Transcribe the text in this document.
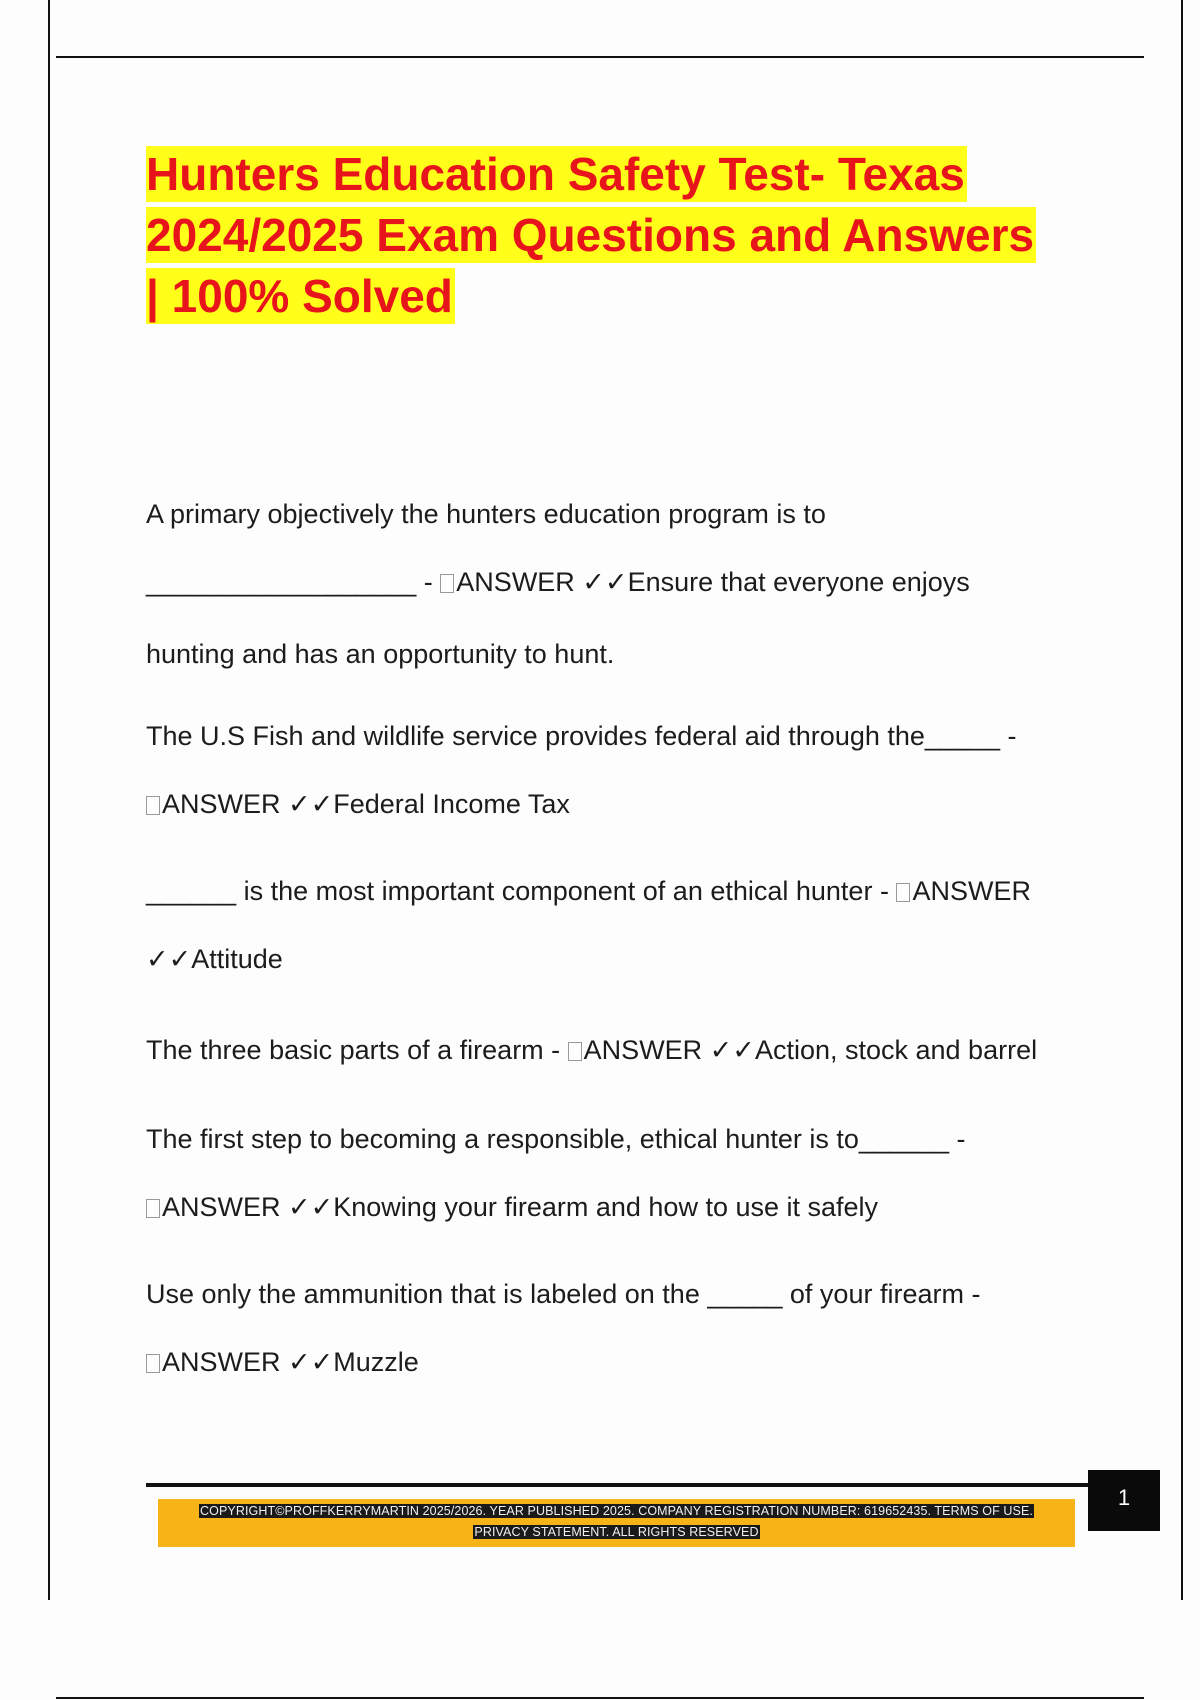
Hunters Education Safety Test- Texas
2024/2025 Exam Questions and Answers
| 100% Solved
A primary objectively the hunters education program is to
__________________ - ANSWER ✓✓Ensure that everyone enjoys
hunting and has an opportunity to hunt.
The U.S Fish and wildlife service provides federal aid through the_____ -
ANSWER ✓✓Federal Income Tax
______ is the most important component of an ethical hunter - ANSWER
✓✓Attitude
The three basic parts of a firearm - ANSWER ✓✓Action, stock and barrel
The first step to becoming a responsible, ethical hunter is to______ -
ANSWER ✓✓Knowing your firearm and how to use it safely
Use only the ammunition that is labeled on the _____ of your firearm -
ANSWER ✓✓Muzzle
1
COPYRIGHT©PROFFKERRYMARTIN 2025/2026. YEAR PUBLISHED 2025. COMPANY REGISTRATION NUMBER: 619652435. TERMS OF USE.
PRIVACY STATEMENT. ALL RIGHTS RESERVED
